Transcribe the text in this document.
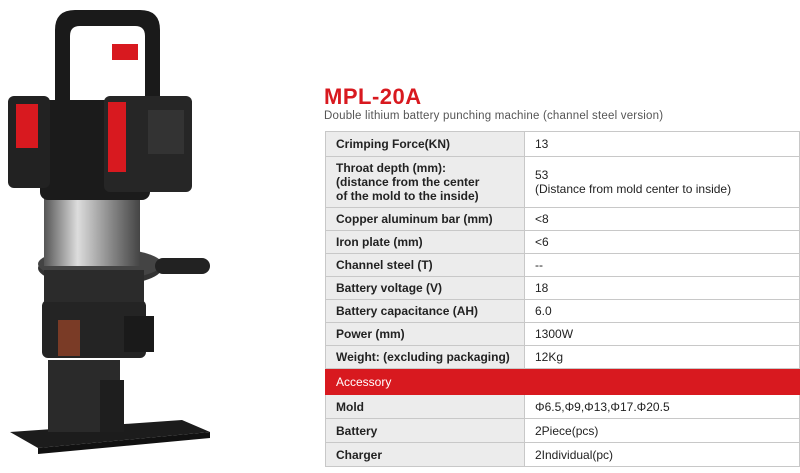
MPL-20A
Double lithium battery punching machine (channel steel version)
Crimping Force(KN)	13
Throat depth (mm):
(distance from the center
of the mold to the inside)	53
(Distance from mold center to inside)
Copper aluminum bar (mm)	<8
Iron plate (mm)	<6
Channel steel (T)	--
Battery voltage (V)	18
Battery capacitance (AH)	6.0
Power (mm)	1300W
Weight: (excluding packaging)	12Kg
Accessory	
Mold	Φ6.5,Φ9,Φ13,Φ17.Φ20.5
Battery	2Piece(pcs)
Charger	2Individual(pc)
